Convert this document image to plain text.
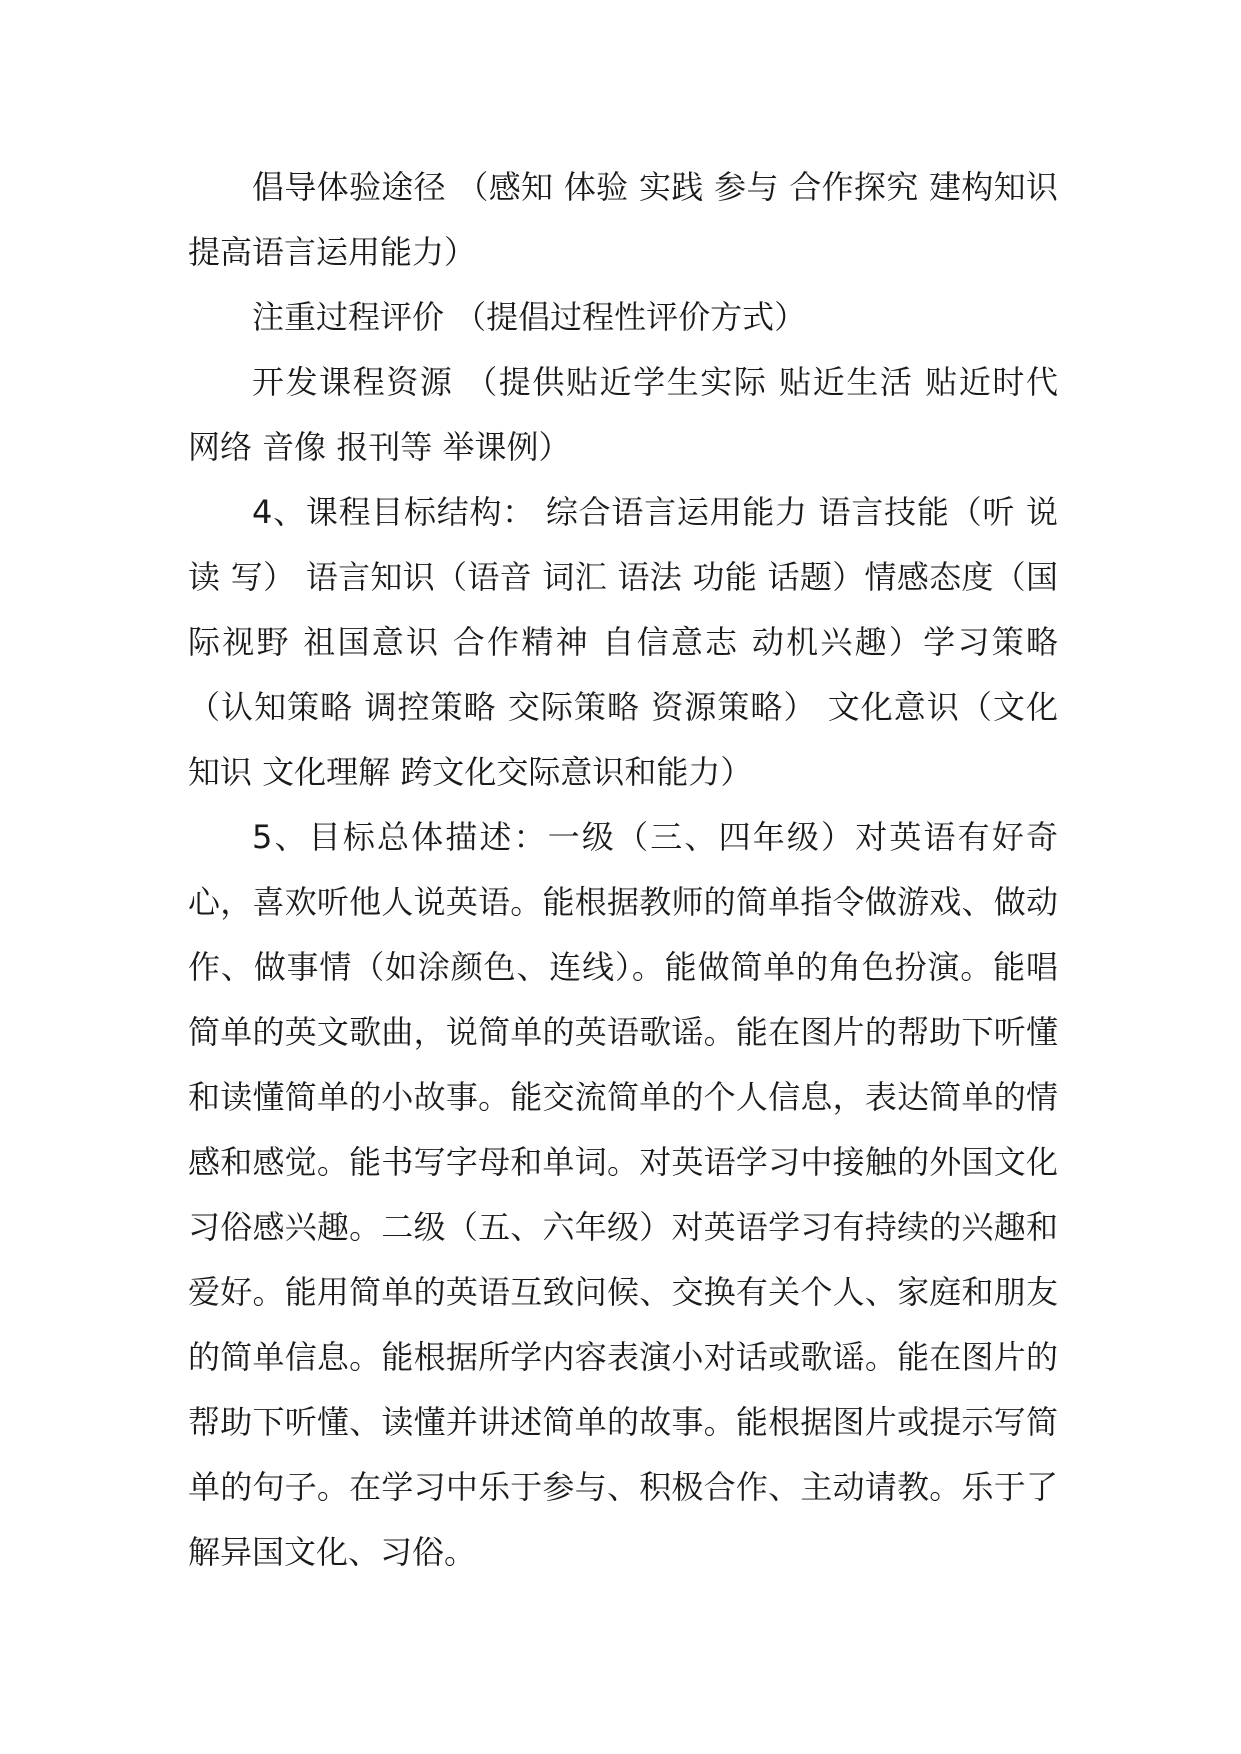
倡导体验途径 （感知 体验 实践 参与 合作探究 建构知识 提高语言运用能力）

注重过程评价 （提倡过程性评价方式）

开发课程资源 （提供贴近学生实际 贴近生活 贴近时代 网络 音像 报刊等 举课例）

4、课程目标结构： 综合语言运用能力 语言技能（听 说 读 写） 语言知识（语音 词汇 语法 功能 话题）情感态度（国际视野 祖国意识 合作精神 自信意志 动机兴趣）学习策略（认知策略 调控策略 交际策略 资源策略） 文化意识（文化知识 文化理解 跨文化交际意识和能力）

5、目标总体描述：一级（三、四年级）对英语有好奇心，喜欢听他人说英语。能根据教师的简单指令做游戏、做动作、做事情（如涂颜色、连线）。能做简单的角色扮演。能唱简单的英文歌曲，说简单的英语歌谣。能在图片的帮助下听懂和读懂简单的小故事。能交流简单的个人信息，表达简单的情感和感觉。能书写字母和单词。对英语学习中接触的外国文化习俗感兴趣。二级（五、六年级）对英语学习有持续的兴趣和爱好。能用简单的英语互致问候、交换有关个人、家庭和朋友的简单信息。能根据所学内容表演小对话或歌谣。能在图片的帮助下听懂、读懂并讲述简单的故事。能根据图片或提示写简单的句子。在学习中乐于参与、积极合作、主动请教。乐于了解异国文化、习俗。
